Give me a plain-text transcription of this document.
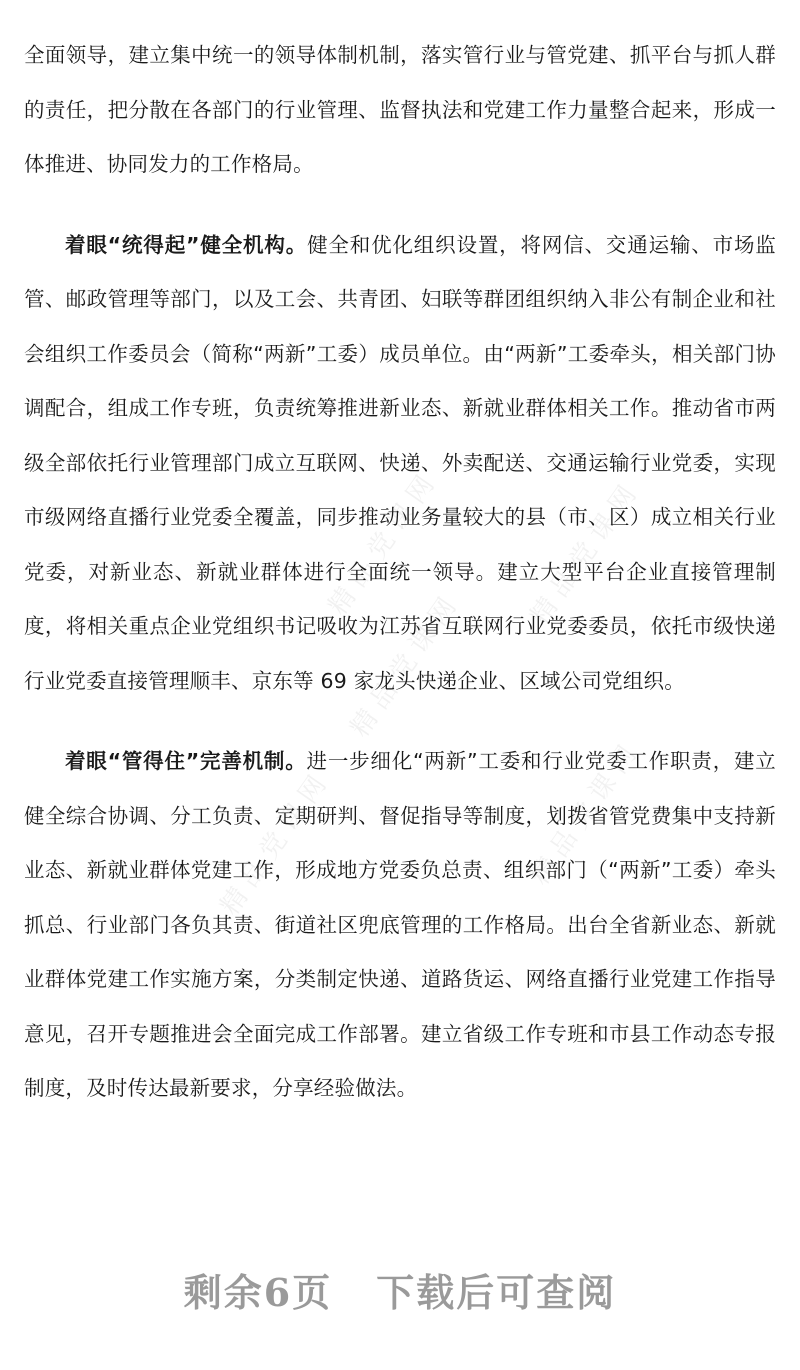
精品党课网	精品党课网
精品党课网
精品党课网	精品党课网

全面领导，建立集中统一的领导体制机制，落实管行业与管党建、抓平台与抓人群的责任，把分散在各部门的行业管理、监督执法和党建工作力量整合起来，形成一体推进、协同发力的工作格局。

着眼“统得起”健全机构。健全和优化组织设置，将网信、交通运输、市场监管、邮政管理等部门，以及工会、共青团、妇联等群团组织纳入非公有制企业和社会组织工作委员会（简称“两新”工委）成员单位。由“两新”工委牵头，相关部门协调配合，组成工作专班，负责统筹推进新业态、新就业群体相关工作。推动省市两级全部依托行业管理部门成立互联网、快递、外卖配送、交通运输行业党委，实现市级网络直播行业党委全覆盖，同步推动业务量较大的县（市、区）成立相关行业党委，对新业态、新就业群体进行全面统一领导。建立大型平台企业直接管理制度，将相关重点企业党组织书记吸收为江苏省互联网行业党委委员，依托市级快递行业党委直接管理顺丰、京东等 69 家龙头快递企业、区域公司党组织。

着眼“管得住”完善机制。进一步细化“两新”工委和行业党委工作职责，建立健全综合协调、分工负责、定期研判、督促指导等制度，划拨省管党费集中支持新业态、新就业群体党建工作，形成地方党委负总责、组织部门（“两新”工委）牵头抓总、行业部门各负其责、街道社区兜底管理的工作格局。出台全省新业态、新就业群体党建工作实施方案，分类制定快递、道路货运、网络直播行业党建工作指导意见，召开专题推进会全面完成工作部署。建立省级工作专班和市县工作动态专报制度，及时传达最新要求，分享经验做法。

剩余6页 下载后可查阅
